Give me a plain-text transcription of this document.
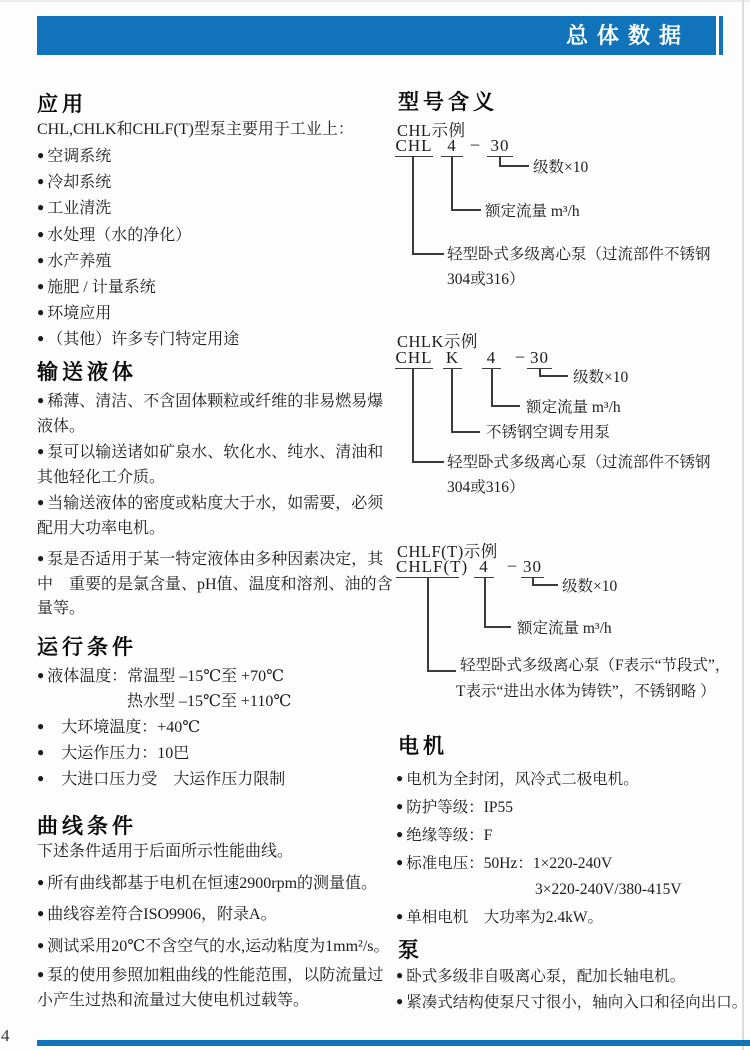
总体数据
应用

CHL,CHLK和CHLF(T)型泵主要用于工业上：

● 空调系统

● 冷却系统

● 工业清洗

● 水处理（水的净化）

● 水产养殖

● 施肥 / 计量系统

● 环境应用

● （其他）许多专门特定用途

输送液体

● 稀薄、清洁、不含固体颗粒或纤维的非易燃易爆液体。

● 泵可以输送诸如矿泉水、软化水、纯水、清油和其他轻化工介质。

● 当输送液体的密度或粘度大于水，如需要，必须配用大功率电机。

● 泵是否适用于某一特定液体由多种因素决定，其中　重要的是氯含量、pH值、温度和溶剂、油的含量等。

运行条件

● 液体温度：常温型 –15℃至 +70℃

热水型 –15℃至 +110℃

● 大环境温度：+40℃

● 大运作压力：10巴

● 大进口压力受　大运作压力限制

曲线条件

下述条件适用于后面所示性能曲线。

● 所有曲线都基于电机在恒速2900rpm的测量值。

● 曲线容差符合ISO9906，附录A。

● 测试采用20℃不含空气的水,运动粘度为1mm²/s。

● 泵的使用参照加粗曲线的性能范围，以防流量过小产生过热和流量过大使电机过载等。

型号含义
CHL示例
CHL 4 – 30
级数×10
额定流量 m³/h
轻型卧式多级离心泵（过流部件不锈钢
304或316）
CHLK示例
CHL K 4 – 30
级数×10
额定流量 m³/h
不锈钢空调专用泵
轻型卧式多级离心泵（过流部件不锈钢
304或316）
CHLF(T)示例
CHLF(T) 4	– 30
级数×10
额定流量 m³/h
轻型卧式多级离心泵（F表示“节段式”，
T表示“进出水体为铸铁”，不锈钢略 ）
电机

● 电机为全封闭，风冷式二极电机。

● 防护等级：IP55

● 绝缘等级：F

● 标准电压：50Hz：1×220-240V

3×220-240V/380-415V

● 单相电机　大功率为2.4kW。

泵

● 卧式多级非自吸离心泵，配加长轴电机。

● 紧凑式结构使泵尺寸很小，轴向入口和径向出口。

4
